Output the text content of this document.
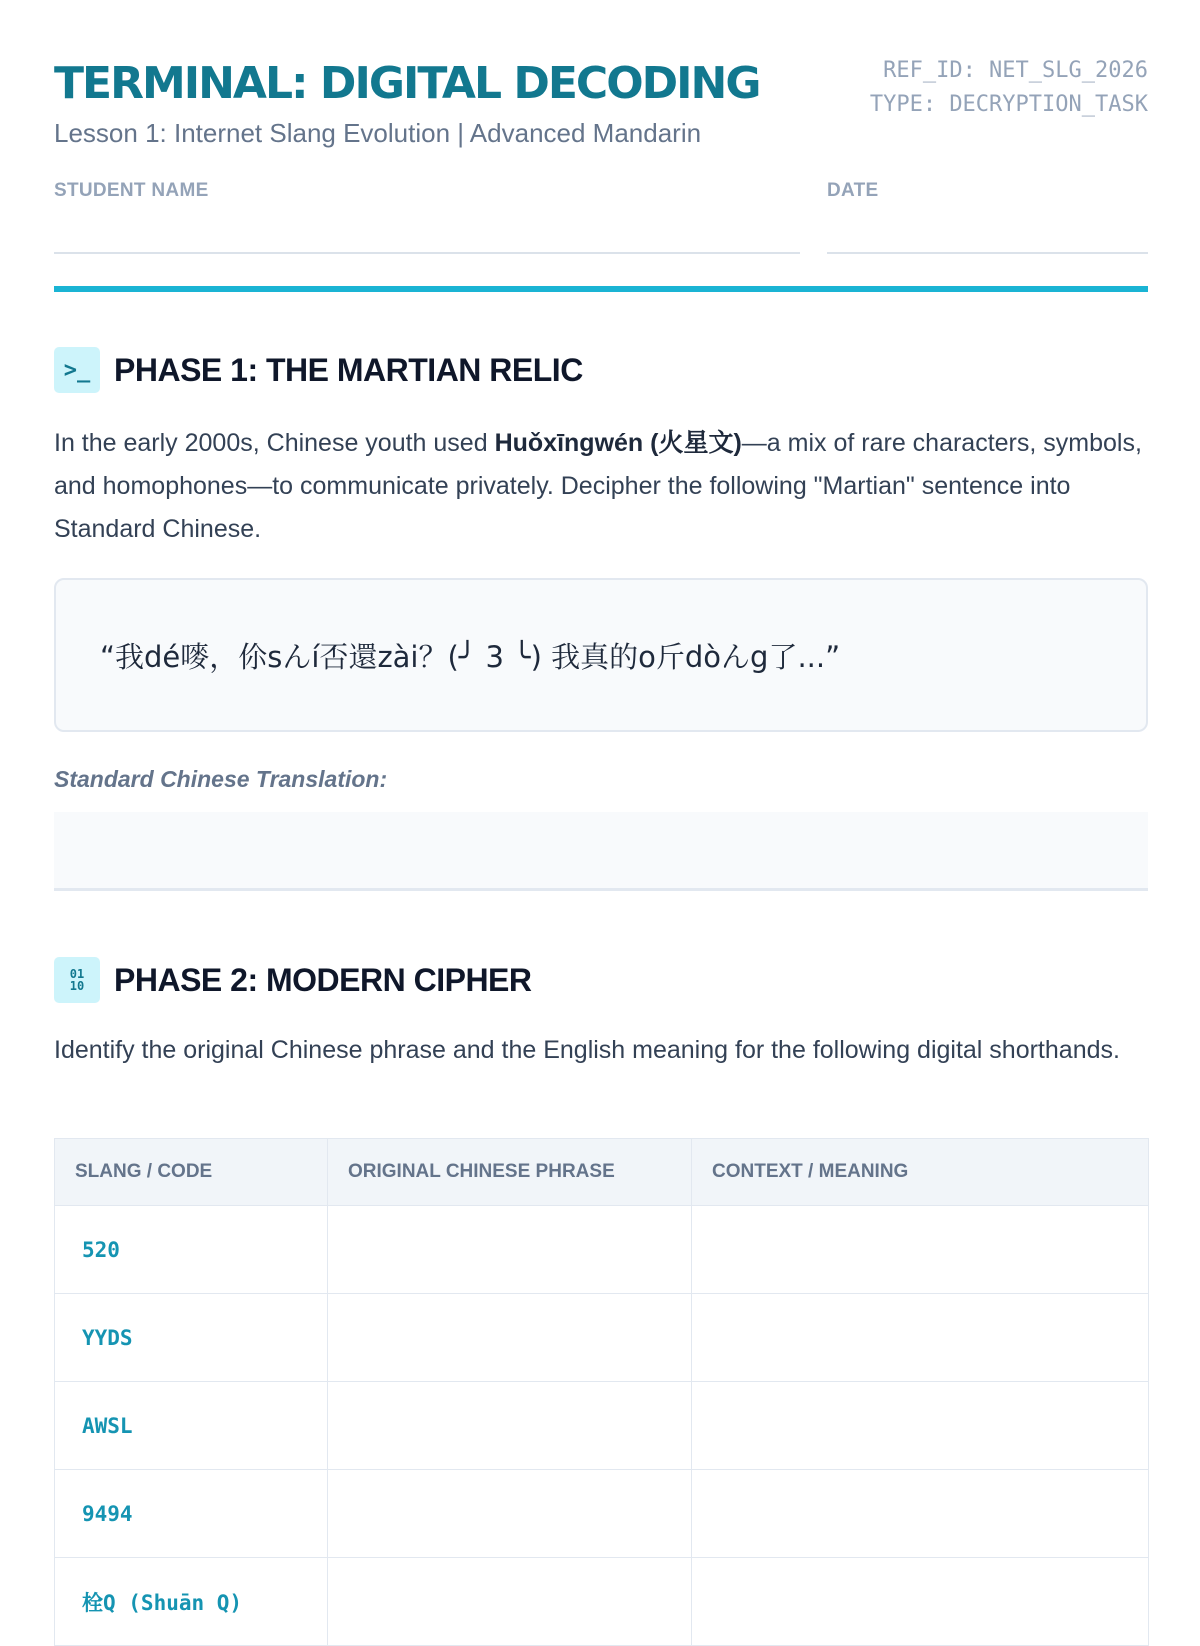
TERMINAL: DIGITAL DECODING
Lesson 1: Internet Slang Evolution | Advanced Mandarin
REF_ID: NET_SLG_2026
TYPE: DECRYPTION_TASK
STUDENT NAME	DATE
>_ PHASE 1: THE MARTIAN RELIC

In the early 2000s, Chinese youth used Huǒxīngwén (火星文)—a mix of rare characters, symbols, and homophones—to communicate privately. Decipher the following "Martian" sentence into Standard Chinese.

“我dé嘜，伱sんí否還zài？(╯ 3 ╰) 我真的o斤dòんg了...”
Standard Chinese Translation:
01
10 PHASE 2: MODERN CIPHER

Identify the original Chinese phrase and the English meaning for the following digital shorthands.

SLANG / CODE	ORIGINAL CHINESE PHRASE	CONTEXT / MEANING
520		
YYDS		
AWSL		
9494		
栓Q (Shuān Q)		
